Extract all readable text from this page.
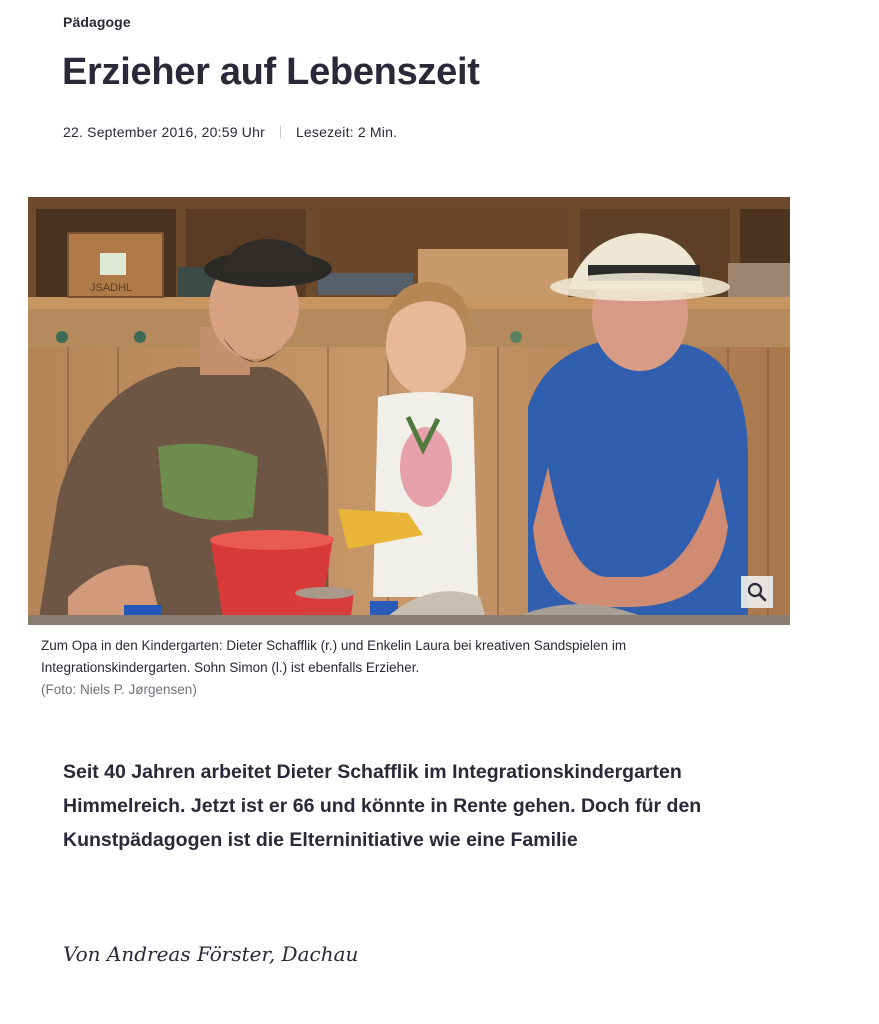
Pädagoge
Erzieher auf Lebenszeit
22. September 2016, 20:59 Uhr Lesezeit: 2 Min.
JSADHL
Zum Opa in den Kindergarten: Dieter Schafflik (r.) und Enkelin Laura bei kreativen Sandspielen im Integrationskindergarten. Sohn Simon (l.) ist ebenfalls Erzieher.
(Foto: Niels P. Jørgensen)

Seit 40 Jahren arbeitet Dieter Schafflik im Integrationskindergarten Himmelreich. Jetzt ist er 66 und könnte in Rente gehen. Doch für den Kunstpädagogen ist die Elterninitiative wie eine Familie

Von Andreas Förster, Dachau
